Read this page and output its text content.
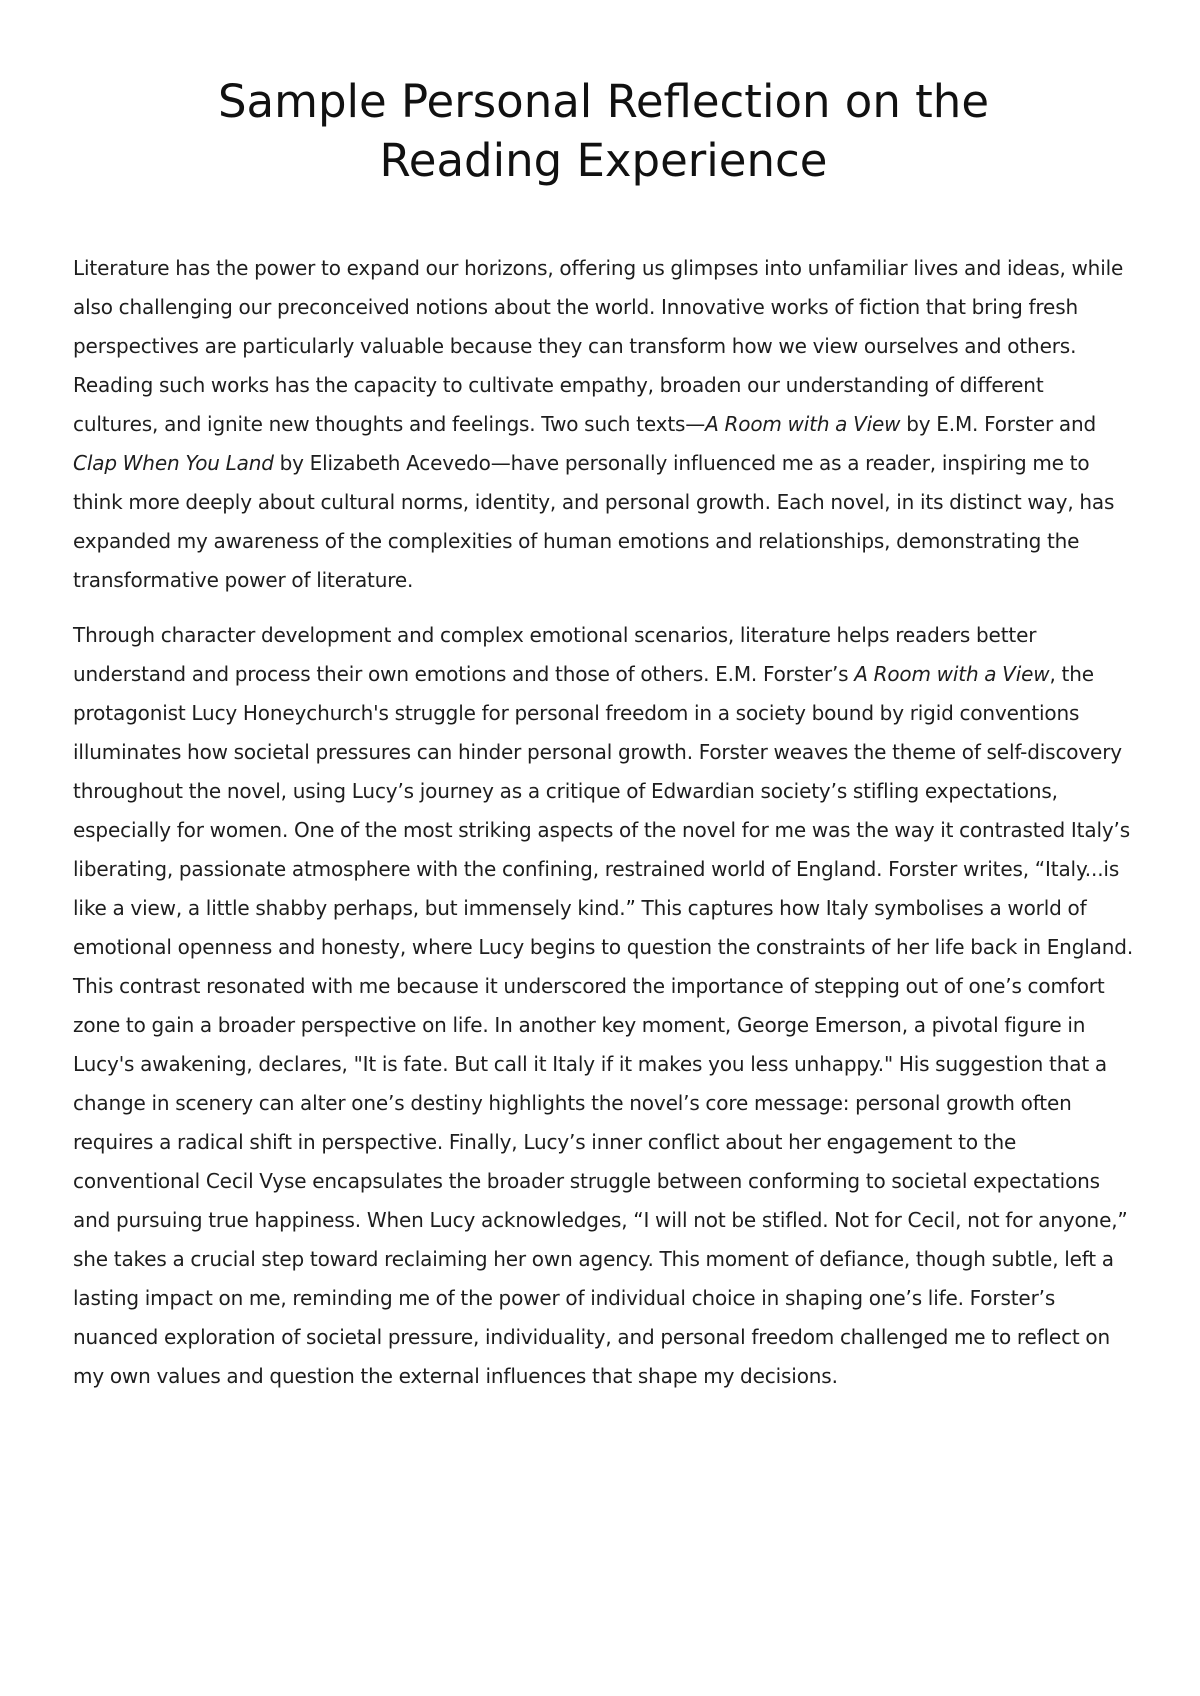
Sample Personal Reflection on the
Reading Experience

Literature has the power to expand our horizons, offering us glimpses into unfamiliar lives and ideas, while also challenging our preconceived notions about the world. Innovative works of fiction that bring fresh perspectives are particularly valuable because they can transform how we view ourselves and others. Reading such works has the capacity to cultivate empathy, broaden our understanding of different cultures, and ignite new thoughts and feelings. Two such texts—A Room with a View by E.M. Forster and Clap When You Land by Elizabeth Acevedo—have personally influenced me as a reader, inspiring me to think more deeply about cultural norms, identity, and personal growth. Each novel, in its distinct way, has expanded my awareness of the complexities of human emotions and relationships, demonstrating the transformative power of literature.

Through character development and complex emotional scenarios, literature helps readers better understand and process their own emotions and those of others. E.M. Forster’s A Room with a View, the protagonist Lucy Honeychurch's struggle for personal freedom in a society bound by rigid conventions illuminates how societal pressures can hinder personal growth. Forster weaves the theme of self-discovery throughout the novel, using Lucy’s journey as a critique of Edwardian society’s stifling expectations, especially for women. One of the most striking aspects of the novel for me was the way it contrasted Italy’s liberating, passionate atmosphere with the confining, restrained world of England. Forster writes, “Italy...is like a view, a little shabby perhaps, but immensely kind.” This captures how Italy symbolises a world of emotional openness and honesty, where Lucy begins to question the constraints of her life back in England. This contrast resonated with me because it underscored the importance of stepping out of one’s comfort zone to gain a broader perspective on life. In another key moment, George Emerson, a pivotal figure in Lucy's awakening, declares, "It is fate. But call it Italy if it makes you less unhappy." His suggestion that a change in scenery can alter one’s destiny highlights the novel’s core message: personal growth often requires a radical shift in perspective. Finally, Lucy’s inner conflict about her engagement to the conventional Cecil Vyse encapsulates the broader struggle between conforming to societal expectations and pursuing true happiness. When Lucy acknowledges, “I will not be stifled. Not for Cecil, not for anyone,” she takes a crucial step toward reclaiming her own agency. This moment of defiance, though subtle, left a lasting impact on me, reminding me of the power of individual choice in shaping one’s life. Forster’s nuanced exploration of societal pressure, individuality, and personal freedom challenged me to reflect on my own values and question the external influences that shape my decisions.
